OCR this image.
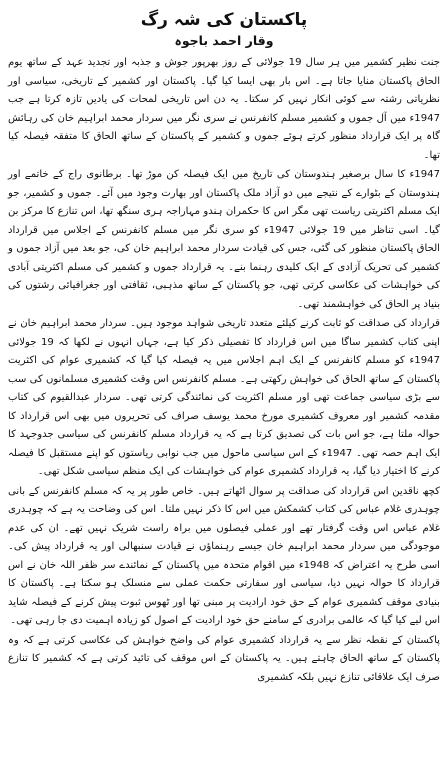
پاکستان کی شہ رگ
وقار احمد باجوہ

جنت نظیر کشمیر میں ہر سال 19 جولائی کے روز بھرپور جوش و جذبہ اور تجدید عہد کے ساتھ یوم الحاق پاکستان منایا جاتا ہے۔ اس بار بھی ایسا کیا گیا۔ پاکستان اور کشمیر کے تاریخی، سیاسی اور نظریاتی رشتہ سے کوئی انکار نہیں کر سکتا۔ یہ دن اس تاریخی لمحات کی یادیں تازہ کرتا ہے جب 1947ء میں آل جموں و کشمیر مسلم کانفرنس نے سری نگر میں سردار محمد ابراہیم خان کی رہائش گاہ پر ایک قرارداد منظور کرتے ہوئے جموں و کشمیر کے پاکستان کے ساتھ الحاق کا متفقہ فیصلہ کیا تھا۔

1947ء کا سال برصغیر ہندوستان کی تاریخ میں ایک فیصلہ کن موڑ تھا۔ برطانوی راج کے خاتمے اور ہندوستان کے بٹوارے کے نتیجے میں دو آزاد ملک پاکستان اور بھارت وجود میں آئے۔ جموں و کشمیر، جو ایک مسلم اکثریتی ریاست تھی مگر اس کا حکمران ہندو مہاراجہ ہری سنگھ تھا، اس تنازع کا مرکز بن گیا۔ اسی تناظر میں 19 جولائی 1947ء کو سری نگر میں مسلم کانفرنس کے اجلاس میں قرارداد الحاق پاکستان منظور کی گئی، جس کی قیادت سردار محمد ابراہیم خان کی، جو بعد میں آزاد جموں و کشمیر کی تحریک آزادی کے ایک کلیدی رہنما بنے۔ یہ قرارداد جموں و کشمیر کی مسلم اکثریتی آبادی کی خواہشات کی عکاسی کرتی تھی، جو پاکستان کے ساتھ مذہبی، ثقافتی اور جغرافیائی رشتوں کی بنیاد پر الحاق کی خواہشمند تھی۔

قرارداد کی صداقت کو ثابت کرنے کیلئے متعدد تاریخی شواہد موجود ہیں۔ سردار محمد ابراہیم خان نے اپنی کتاب کشمیر ساگا میں اس قرارداد کا تفصیلی ذکر کیا ہے، جہاں انہوں نے لکھا کہ 19 جولائی 1947ء کو مسلم کانفرنس کے ایک اہم اجلاس میں یہ فیصلہ کیا گیا کہ کشمیری عوام کی اکثریت پاکستان کے ساتھ الحاق کی خواہش رکھتی ہے۔ مسلم کانفرنس اس وقت کشمیری مسلمانوں کی سب سے بڑی سیاسی جماعت تھی اور مسلم اکثریت کی نمائندگی کرتی تھی۔ سردار عبدالقیوم کی کتاب مقدمہ کشمیر اور معروف کشمیری مورخ محمد یوسف صراف کی تحریروں میں بھی اس قرارداد کا حوالہ ملتا ہے، جو اس بات کی تصدیق کرتا ہے کہ یہ قرارداد مسلم کانفرنس کی سیاسی جدوجہد کا ایک اہم حصہ تھی۔ 1947ء کے اس سیاسی ماحول میں جب نوابی ریاستوں کو اپنے مستقبل کا فیصلہ کرنے کا اختیار دیا گیا، یہ قرارداد کشمیری عوام کی خواہشات کی ایک منظم سیاسی شکل تھی۔

کچھ ناقدین اس قرارداد کی صداقت پر سوال اٹھاتے ہیں۔ خاص طور پر یہ کہ مسلم کانفرنس کے بانی چوہدری غلام عباس کی کتاب کشمکش میں اس کا ذکر نہیں ملتا۔ اس کی وضاحت یہ ہے کہ چوہدری غلام عباس اس وقت گرفتار تھے اور عملی فیصلوں میں براہ راست شریک نہیں تھے۔ ان کی عدم موجودگی میں سردار محمد ابراہیم خان جیسے رہنماؤں نے قیادت سنبھالی اور یہ قرارداد پیش کی۔ اسی طرح یہ اعتراض کہ 1948ء میں اقوام متحدہ میں پاکستان کے نمائندے سر ظفر اللہ خان نے اس قرارداد کا حوالہ نہیں دیا، سیاسی اور سفارتی حکمت عملی سے منسلک ہو سکتا ہے۔ پاکستان کا بنیادی موقف کشمیری عوام کے حق خود ارادیت پر مبنی تھا اور ٹھوس ثبوت پیش کرنے کے فیصلہ شاید اس لیے کیا گیا کہ عالمی برادری کے سامنے حق خود ارادیت کے اصول کو زیادہ اہمیت دی جا رہی تھی۔

پاکستان کے نقطہ نظر سے یہ قرارداد کشمیری عوام کی واضح خواہش کی عکاسی کرتی ہے کہ وہ پاکستان کے ساتھ الحاق چاہتے ہیں۔ یہ پاکستان کے اس موقف کی تائید کرتی ہے کہ کشمیر کا تنازع صرف ایک علاقائی تنازع نہیں بلکہ کشمیری
